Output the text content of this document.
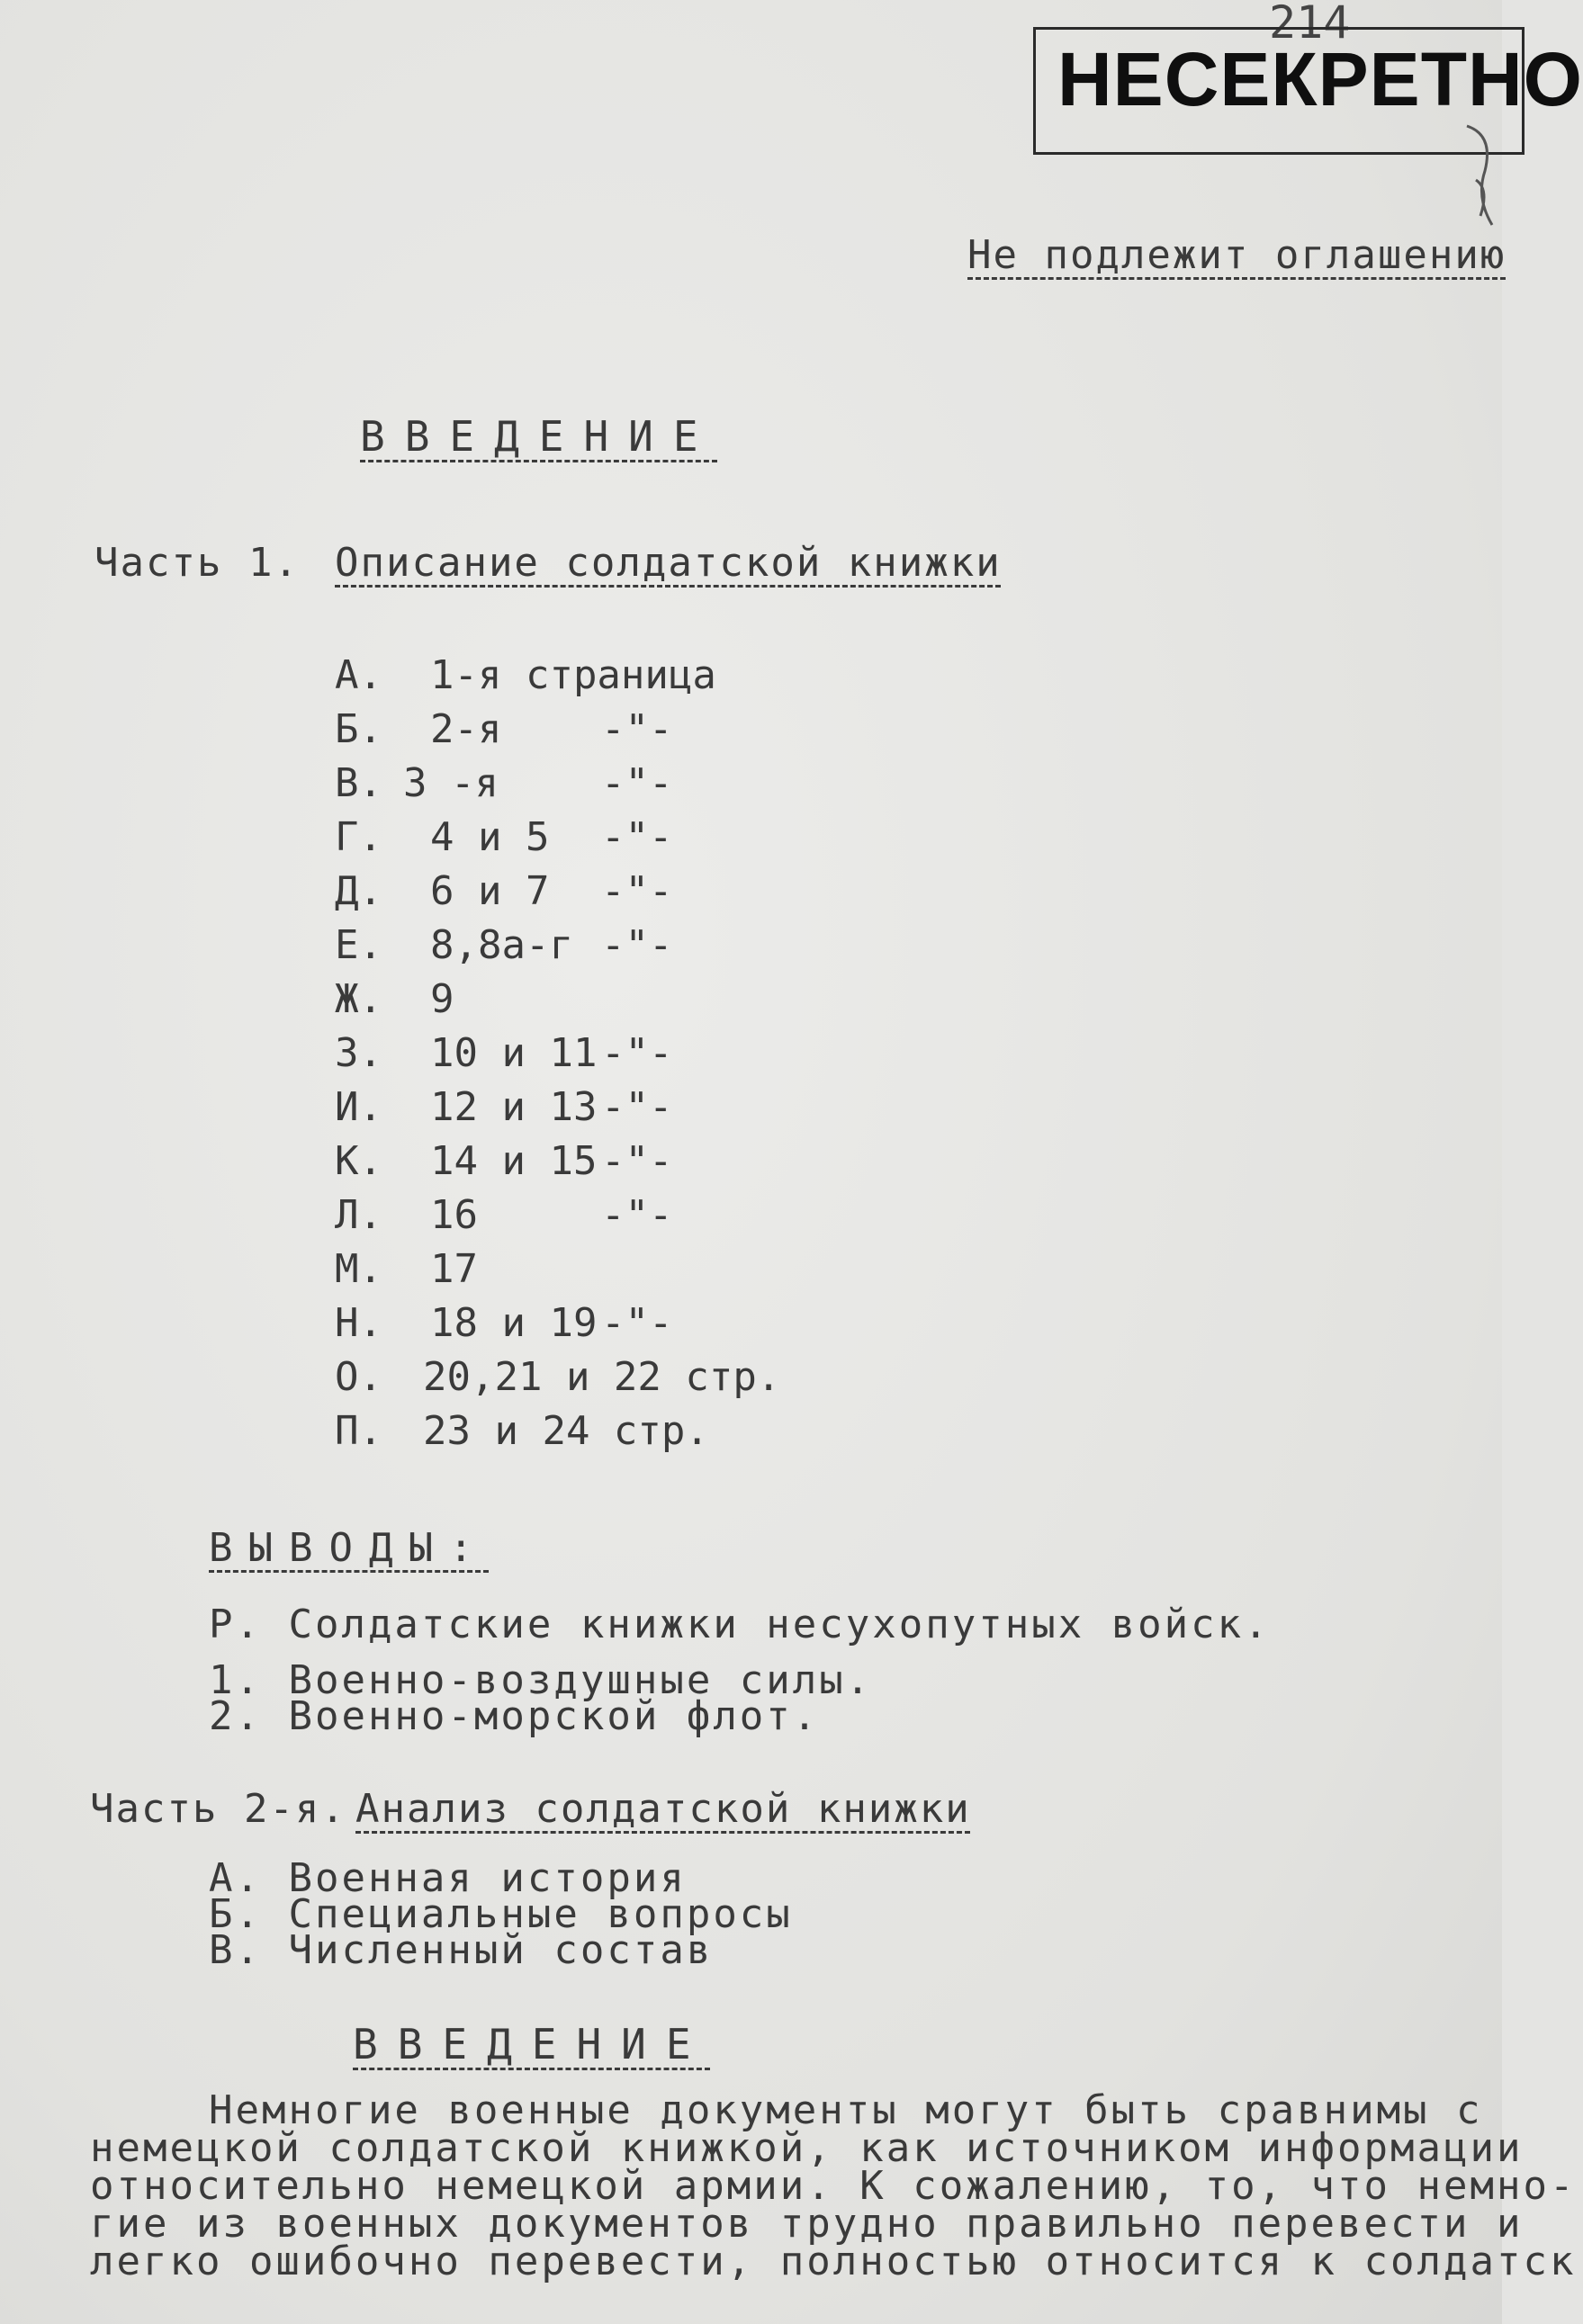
214
НЕСЕКРЕТНО
Не подлежит оглашению
ВВЕДЕНИЕ
Часть 1. Описание солдатской книжки
А. 1-я страница
Б. 2-я	-"-
В. 3 -я	-"-
Г. 4 и 5 -"-
Д. 6 и 7 -"-
Е. 8,8а-г -"-
Ж. 9
З. 10 и 11 -"-
И. 12 и 13 -"-
К. 14 и 15 -"-
Л. 16	-"-
М. 17
Н. 18 и 19 -"-
О. 20,21 и 22 стр.
П. 23 и 24 стр.
ВЫВОДЫ:
Р. Солдатские книжки несухопутных войск.
1. Военно-воздушные силы.
2. Военно-морской флот.
Часть 2-я. Анализ солдатской книжки
А. Военная история
Б. Специальные вопросы
В. Численный состав
ВВЕДЕНИЕ
Немногие военные документы могут быть сравнимы с
немецкой солдатской книжкой, как источником информации
относительно немецкой армии. К сожалению, то, что немно-
гие из военных документов трудно правильно перевести и
легко ошибочно перевести, полностью относится к солдатск
